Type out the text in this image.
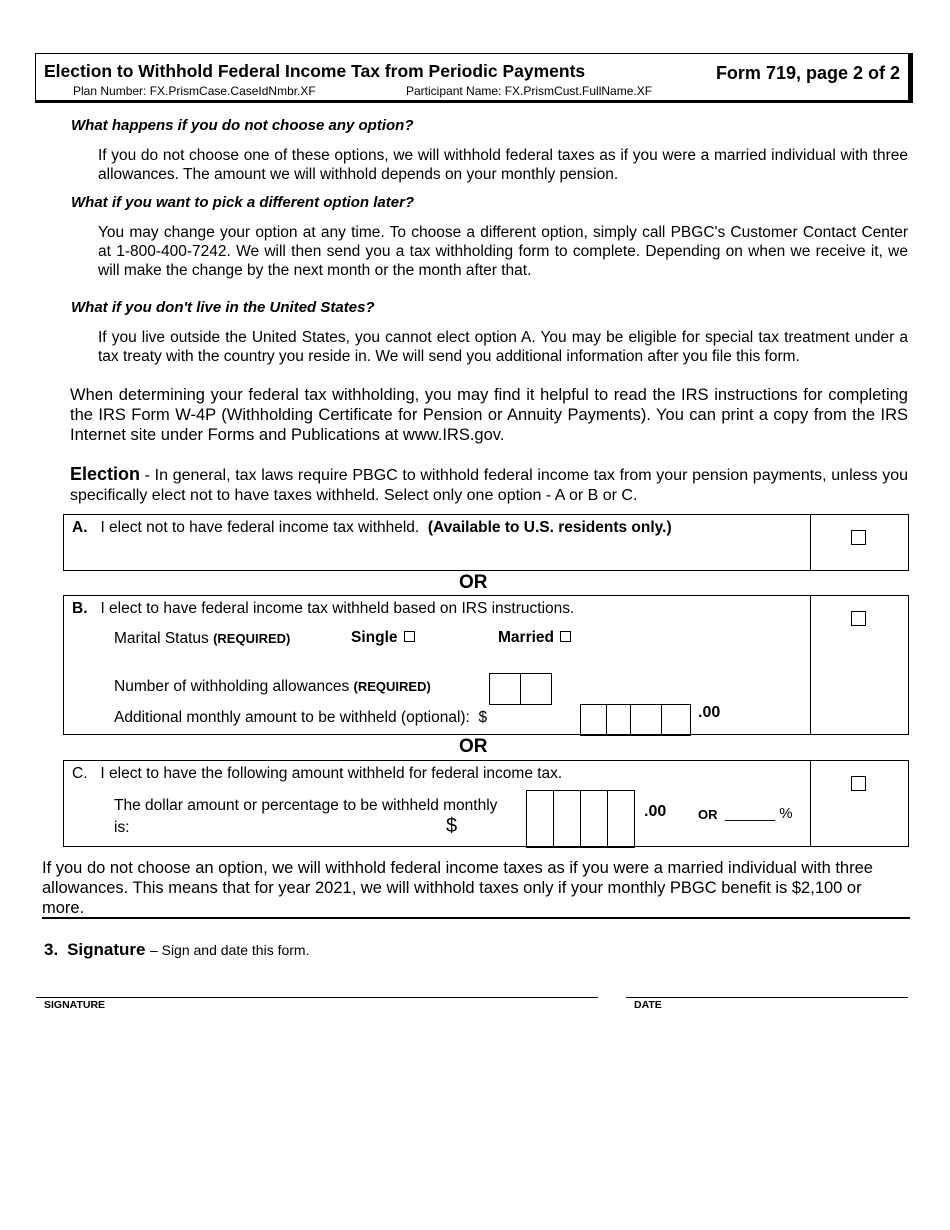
Election to Withhold Federal Income Tax from Periodic Payments	Form 719, page 2 of 2
Plan Number: FX.PrismCase.CaseIdNmbr.XF	Participant Name: FX.PrismCust.FullName.XF
What happens if you do not choose any option?
If you do not choose one of these options, we will withhold federal taxes as if you were a married individual with three allowances. The amount we will withhold depends on your monthly pension.
What if you want to pick a different option later?
You may change your option at any time. To choose a different option, simply call PBGC's Customer Contact Center at 1-800-400-7242. We will then send you a tax withholding form to complete. Depending on when we receive it, we will make the change by the next month or the month after that.
What if you don't live in the United States?
If you live outside the United States, you cannot elect option A. You may be eligible for special tax treatment under a tax treaty with the country you reside in. We will send you additional information after you file this form.
When determining your federal tax withholding, you may find it helpful to read the IRS instructions for completing the IRS Form W-4P (Withholding Certificate for Pension or Annuity Payments). You can print a copy from the IRS Internet site under Forms and Publications at www.IRS.gov.
Election - In general, tax laws require PBGC to withhold federal income tax from your pension payments, unless you specifically elect not to have taxes withheld. Select only one option - A or B or C.
A. I elect not to have federal income tax withheld. (Available to U.S. residents only.)
OR
B. I elect to have federal income tax withheld based on IRS instructions.
Marital Status (REQUIRED)	Single	Married
Number of withholding allowances (REQUIRED)
Additional monthly amount to be withheld (optional): $	.00
OR
C. I elect to have the following amount withheld for federal income tax.
The dollar amount or percentage to be withheld monthly
is:	$
.00 OR ______ %
If you do not choose an option, we will withhold federal income taxes as if you were a married individual with three allowances. This means that for year 2021, we will withhold taxes only if your monthly PBGC benefit is $2,100 or more.
3. Signature – Sign and date this form.
SIGNATURE	DATE
